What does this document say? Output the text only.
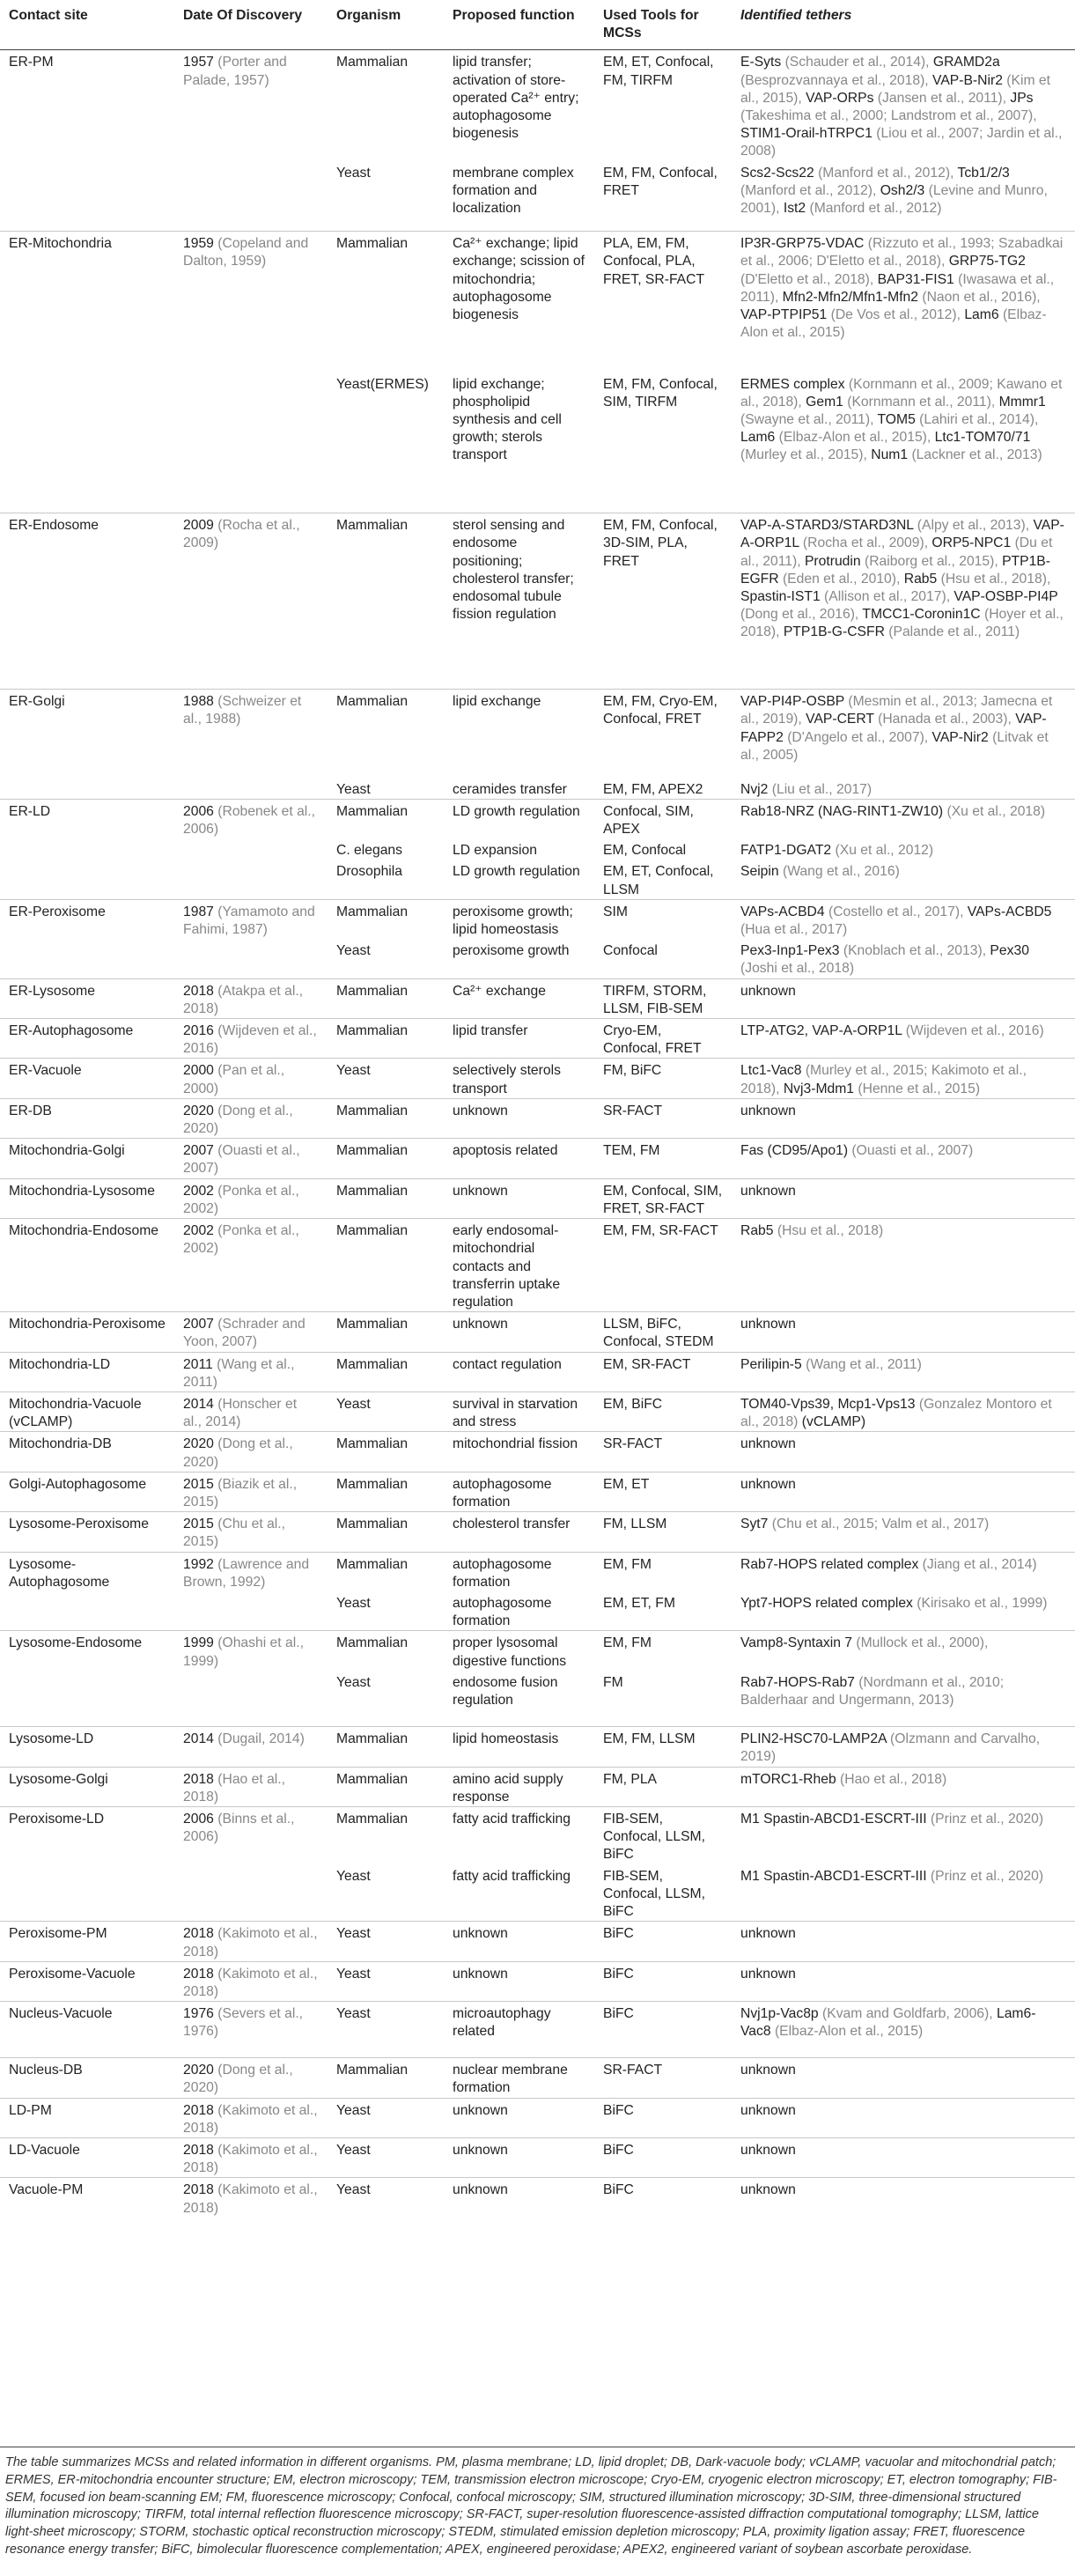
Contact site	Date Of Discovery	Organism	Proposed function	Used Tools for MCSs	Identified tethers
ER-PM	1957 (Porter and Palade, 1957)	Mammalian	lipid transfer; activation of store-operated Ca²⁺ entry; autophagosome biogenesis	EM, ET, Confocal, FM, TIRFM	E-Syts (Schauder et al., 2014), GRAMD2a (Besprozvannaya et al., 2018), VAP-B-Nir2 (Kim et al., 2015), VAP-ORPs (Jansen et al., 2011), JPs (Takeshima et al., 2000; Landstrom et al., 2007), STIM1-Orail-hTRPC1 (Liou et al., 2007; Jardin et al., 2008)
		Yeast	membrane complex formation and localization	EM, FM, Confocal, FRET	Scs2-Scs22 (Manford et al., 2012), Tcb1/2/3 (Manford et al., 2012), Osh2/3 (Levine and Munro, 2001), Ist2 (Manford et al., 2012)
ER-Mitochondria	1959 (Copeland and Dalton, 1959)	Mammalian	Ca²⁺ exchange; lipid exchange; scission of mitochondria; autophagosome biogenesis	PLA, EM, FM, Confocal, PLA, FRET, SR-FACT	IP3R-GRP75-VDAC (Rizzuto et al., 1993; Szabadkai et al., 2006; D'Eletto et al., 2018), GRP75-TG2 (D'Eletto et al., 2018), BAP31-FIS1 (Iwasawa et al., 2011), Mfn2-Mfn2/Mfn1-Mfn2 (Naon et al., 2016), VAP-PTPIP51 (De Vos et al., 2012), Lam6 (Elbaz-Alon et al., 2015)
		Yeast(ERMES)	lipid exchange; phospholipid synthesis and cell growth; sterols transport	EM, FM, Confocal, SIM, TIRFM	ERMES complex (Kornmann et al., 2009; Kawano et al., 2018), Gem1 (Kornmann et al., 2011), Mmmr1 (Swayne et al., 2011), TOM5 (Lahiri et al., 2014), Lam6 (Elbaz-Alon et al., 2015), Ltc1-TOM70/71 (Murley et al., 2015), Num1 (Lackner et al., 2013)
ER-Endosome	2009 (Rocha et al., 2009)	Mammalian	sterol sensing and endosome positioning; cholesterol transfer; endosomal tubule fission regulation	EM, FM, Confocal, 3D-SIM, PLA, FRET	VAP-A-STARD3/STARD3NL (Alpy et al., 2013), VAP-A-ORP1L (Rocha et al., 2009), ORP5-NPC1 (Du et al., 2011), Protrudin (Raiborg et al., 2015), PTP1B-EGFR (Eden et al., 2010), Rab5 (Hsu et al., 2018), Spastin-IST1 (Allison et al., 2017), VAP-OSBP-PI4P (Dong et al., 2016), TMCC1-Coronin1C (Hoyer et al., 2018), PTP1B-G-CSFR (Palande et al., 2011)
ER-Golgi	1988 (Schweizer et al., 1988)	Mammalian	lipid exchange	EM, FM, Cryo-EM, Confocal, FRET	VAP-PI4P-OSBP (Mesmin et al., 2013; Jamecna et al., 2019), VAP-CERT (Hanada et al., 2003), VAP-FAPP2 (D'Angelo et al., 2007), VAP-Nir2 (Litvak et al., 2005)
		Yeast	ceramides transfer	EM, FM, APEX2	Nvj2 (Liu et al., 2017)
ER-LD	2006 (Robenek et al., 2006)	Mammalian	LD growth regulation	Confocal, SIM, APEX	Rab18-NRZ (NAG-RINT1-ZW10) (Xu et al., 2018)
		C. elegans	LD expansion	EM, Confocal	FATP1-DGAT2 (Xu et al., 2012)
		Drosophila	LD growth regulation	EM, ET, Confocal, LLSM	Seipin (Wang et al., 2016)
ER-Peroxisome	1987 (Yamamoto and Fahimi, 1987)	Mammalian	peroxisome growth; lipid homeostasis	SIM	VAPs-ACBD4 (Costello et al., 2017), VAPs-ACBD5 (Hua et al., 2017)
		Yeast	peroxisome growth	Confocal	Pex3-Inp1-Pex3 (Knoblach et al., 2013), Pex30 (Joshi et al., 2018)
ER-Lysosome	2018 (Atakpa et al., 2018)	Mammalian	Ca²⁺ exchange	TIRFM, STORM, LLSM, FIB-SEM	unknown
ER-Autophagosome	2016 (Wijdeven et al., 2016)	Mammalian	lipid transfer	Cryo-EM, Confocal, FRET	LTP-ATG2, VAP-A-ORP1L (Wijdeven et al., 2016)
ER-Vacuole	2000 (Pan et al., 2000)	Yeast	selectively sterols transport	FM, BiFC	Ltc1-Vac8 (Murley et al., 2015; Kakimoto et al., 2018), Nvj3-Mdm1 (Henne et al., 2015)
ER-DB	2020 (Dong et al., 2020)	Mammalian	unknown	SR-FACT	unknown
Mitochondria-Golgi	2007 (Ouasti et al., 2007)	Mammalian	apoptosis related	TEM, FM	Fas (CD95/Apo1) (Ouasti et al., 2007)
Mitochondria-Lysosome	2002 (Ponka et al., 2002)	Mammalian	unknown	EM, Confocal, SIM, FRET, SR-FACT	unknown
Mitochondria-Endosome	2002 (Ponka et al., 2002)	Mammalian	early endosomal-mitochondrial contacts and transferrin uptake regulation	EM, FM, SR-FACT	Rab5 (Hsu et al., 2018)
Mitochondria-Peroxisome	2007 (Schrader and Yoon, 2007)	Mammalian	unknown	LLSM, BiFC, Confocal, STEDM	unknown
Mitochondria-LD	2011 (Wang et al., 2011)	Mammalian	contact regulation	EM, SR-FACT	Perilipin-5 (Wang et al., 2011)
Mitochondria-Vacuole (vCLAMP)	2014 (Honscher et al., 2014)	Yeast	survival in starvation and stress	EM, BiFC	TOM40-Vps39, Mcp1-Vps13 (Gonzalez Montoro et al., 2018) (vCLAMP)
Mitochondria-DB	2020 (Dong et al., 2020)	Mammalian	mitochondrial fission	SR-FACT	unknown
Golgi-Autophagosome	2015 (Biazik et al., 2015)	Mammalian	autophagosome formation	EM, ET	unknown
Lysosome-Peroxisome	2015 (Chu et al., 2015)	Mammalian	cholesterol transfer	FM, LLSM	Syt7 (Chu et al., 2015; Valm et al., 2017)
Lysosome-Autophagosome	1992 (Lawrence and Brown, 1992)	Mammalian	autophagosome formation	EM, FM	Rab7-HOPS related complex (Jiang et al., 2014)
		Yeast	autophagosome formation	EM, ET, FM	Ypt7-HOPS related complex (Kirisako et al., 1999)
Lysosome-Endosome	1999 (Ohashi et al., 1999)	Mammalian	proper lysosomal digestive functions	EM, FM	Vamp8-Syntaxin 7 (Mullock et al., 2000),
		Yeast	endosome fusion regulation	FM	Rab7-HOPS-Rab7 (Nordmann et al., 2010; Balderhaar and Ungermann, 2013)
Lysosome-LD	2014 (Dugail, 2014)	Mammalian	lipid homeostasis	EM, FM, LLSM	PLIN2-HSC70-LAMP2A (Olzmann and Carvalho, 2019)
Lysosome-Golgi	2018 (Hao et al., 2018)	Mammalian	amino acid supply response	FM, PLA	mTORC1-Rheb (Hao et al., 2018)
Peroxisome-LD	2006 (Binns et al., 2006)	Mammalian	fatty acid trafficking	FIB-SEM, Confocal, LLSM, BiFC	M1 Spastin-ABCD1-ESCRT-III (Prinz et al., 2020)
		Yeast	fatty acid trafficking	FIB-SEM, Confocal, LLSM, BiFC	M1 Spastin-ABCD1-ESCRT-III (Prinz et al., 2020)
Peroxisome-PM	2018 (Kakimoto et al., 2018)	Yeast	unknown	BiFC	unknown
Peroxisome-Vacuole	2018 (Kakimoto et al., 2018)	Yeast	unknown	BiFC	unknown
Nucleus-Vacuole	1976 (Severs et al., 1976)	Yeast	microautophagy related	BiFC	Nvj1p-Vac8p (Kvam and Goldfarb, 2006), Lam6-Vac8 (Elbaz-Alon et al., 2015)
Nucleus-DB	2020 (Dong et al., 2020)	Mammalian	nuclear membrane formation	SR-FACT	unknown
LD-PM	2018 (Kakimoto et al., 2018)	Yeast	unknown	BiFC	unknown
LD-Vacuole	2018 (Kakimoto et al., 2018)	Yeast	unknown	BiFC	unknown
Vacuole-PM	2018 (Kakimoto et al., 2018)	Yeast	unknown	BiFC	unknown
The table summarizes MCSs and related information in different organisms. PM, plasma membrane; LD, lipid droplet; DB, Dark-vacuole body; vCLAMP, vacuolar and mitochondrial patch; ERMES, ER-mitochondria encounter structure; EM, electron microscopy; TEM, transmission electron microscope; Cryo-EM, cryogenic electron microscopy; ET, electron tomography; FIB-SEM, focused ion beam-scanning EM; FM, fluorescence microscopy; Confocal, confocal microscopy; SIM, structured illumination microscopy; 3D-SIM, three-dimensional structured illumination microscopy; TIRFM, total internal reflection fluorescence microscopy; SR-FACT, super-resolution fluorescence-assisted diffraction computational tomography; LLSM, lattice light-sheet microscopy; STORM, stochastic optical reconstruction microscopy; STEDM, stimulated emission depletion microscopy; PLA, proximity ligation assay; FRET, fluorescence resonance energy transfer; BiFC, bimolecular fluorescence complementation; APEX, engineered peroxidase; APEX2, engineered variant of soybean ascorbate peroxidase.
